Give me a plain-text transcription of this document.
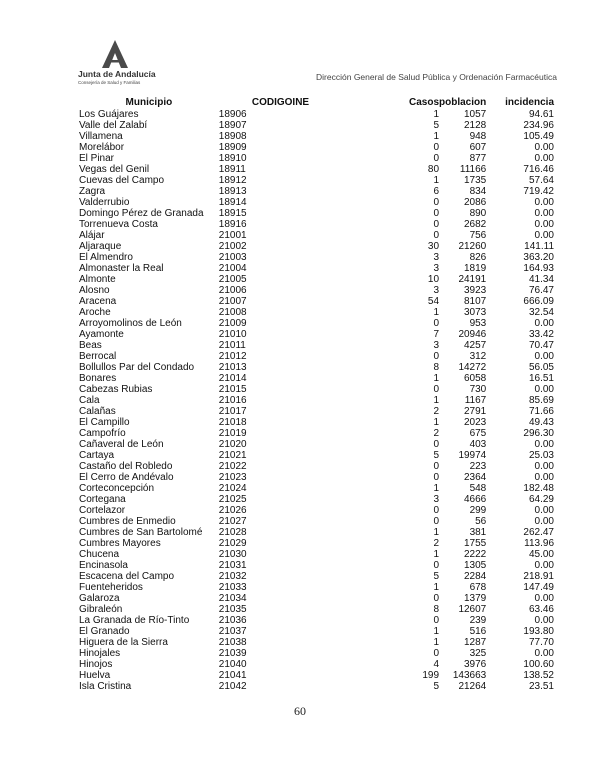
Junta de Andalucía
Consejería de Salud y Familias
Dirección General de Salud Pública y Ordenación Farmacéutica
Municipio	CODIGOINE	Casos	poblacion	incidencia
Los Guájares	18906	1	1057	94.61
Valle del Zalabí	18907	5	2128	234.96
Villamena	18908	1	948	105.49
Morelábor	18909	0	607	0.00
El Pinar	18910	0	877	0.00
Vegas del Genil	18911	80	11166	716.46
Cuevas del Campo	18912	1	1735	57.64
Zagra	18913	6	834	719.42
Valderrubio	18914	0	2086	0.00
Domingo Pérez de Granada	18915	0	890	0.00
Torrenueva Costa	18916	0	2682	0.00
Alájar	21001	0	756	0.00
Aljaraque	21002	30	21260	141.11
El Almendro	21003	3	826	363.20
Almonaster la Real	21004	3	1819	164.93
Almonte	21005	10	24191	41.34
Alosno	21006	3	3923	76.47
Aracena	21007	54	8107	666.09
Aroche	21008	1	3073	32.54
Arroyomolinos de León	21009	0	953	0.00
Ayamonte	21010	7	20946	33.42
Beas	21011	3	4257	70.47
Berrocal	21012	0	312	0.00
Bollullos Par del Condado	21013	8	14272	56.05
Bonares	21014	1	6058	16.51
Cabezas Rubias	21015	0	730	0.00
Cala	21016	1	1167	85.69
Calañas	21017	2	2791	71.66
El Campillo	21018	1	2023	49.43
Campofrío	21019	2	675	296.30
Cañaveral de León	21020	0	403	0.00
Cartaya	21021	5	19974	25.03
Castaño del Robledo	21022	0	223	0.00
El Cerro de Andévalo	21023	0	2364	0.00
Corteconcepción	21024	1	548	182.48
Cortegana	21025	3	4666	64.29
Cortelazor	21026	0	299	0.00
Cumbres de Enmedio	21027	0	56	0.00
Cumbres de San Bartolomé	21028	1	381	262.47
Cumbres Mayores	21029	2	1755	113.96
Chucena	21030	1	2222	45.00
Encinasola	21031	0	1305	0.00
Escacena del Campo	21032	5	2284	218.91
Fuenteheridos	21033	1	678	147.49
Galaroza	21034	0	1379	0.00
Gibraleón	21035	8	12607	63.46
La Granada de Río-Tinto	21036	0	239	0.00
El Granado	21037	1	516	193.80
Higuera de la Sierra	21038	1	1287	77.70
Hinojales	21039	0	325	0.00
Hinojos	21040	4	3976	100.60
Huelva	21041	199	143663	138.52
Isla Cristina	21042	5	21264	23.51
60
